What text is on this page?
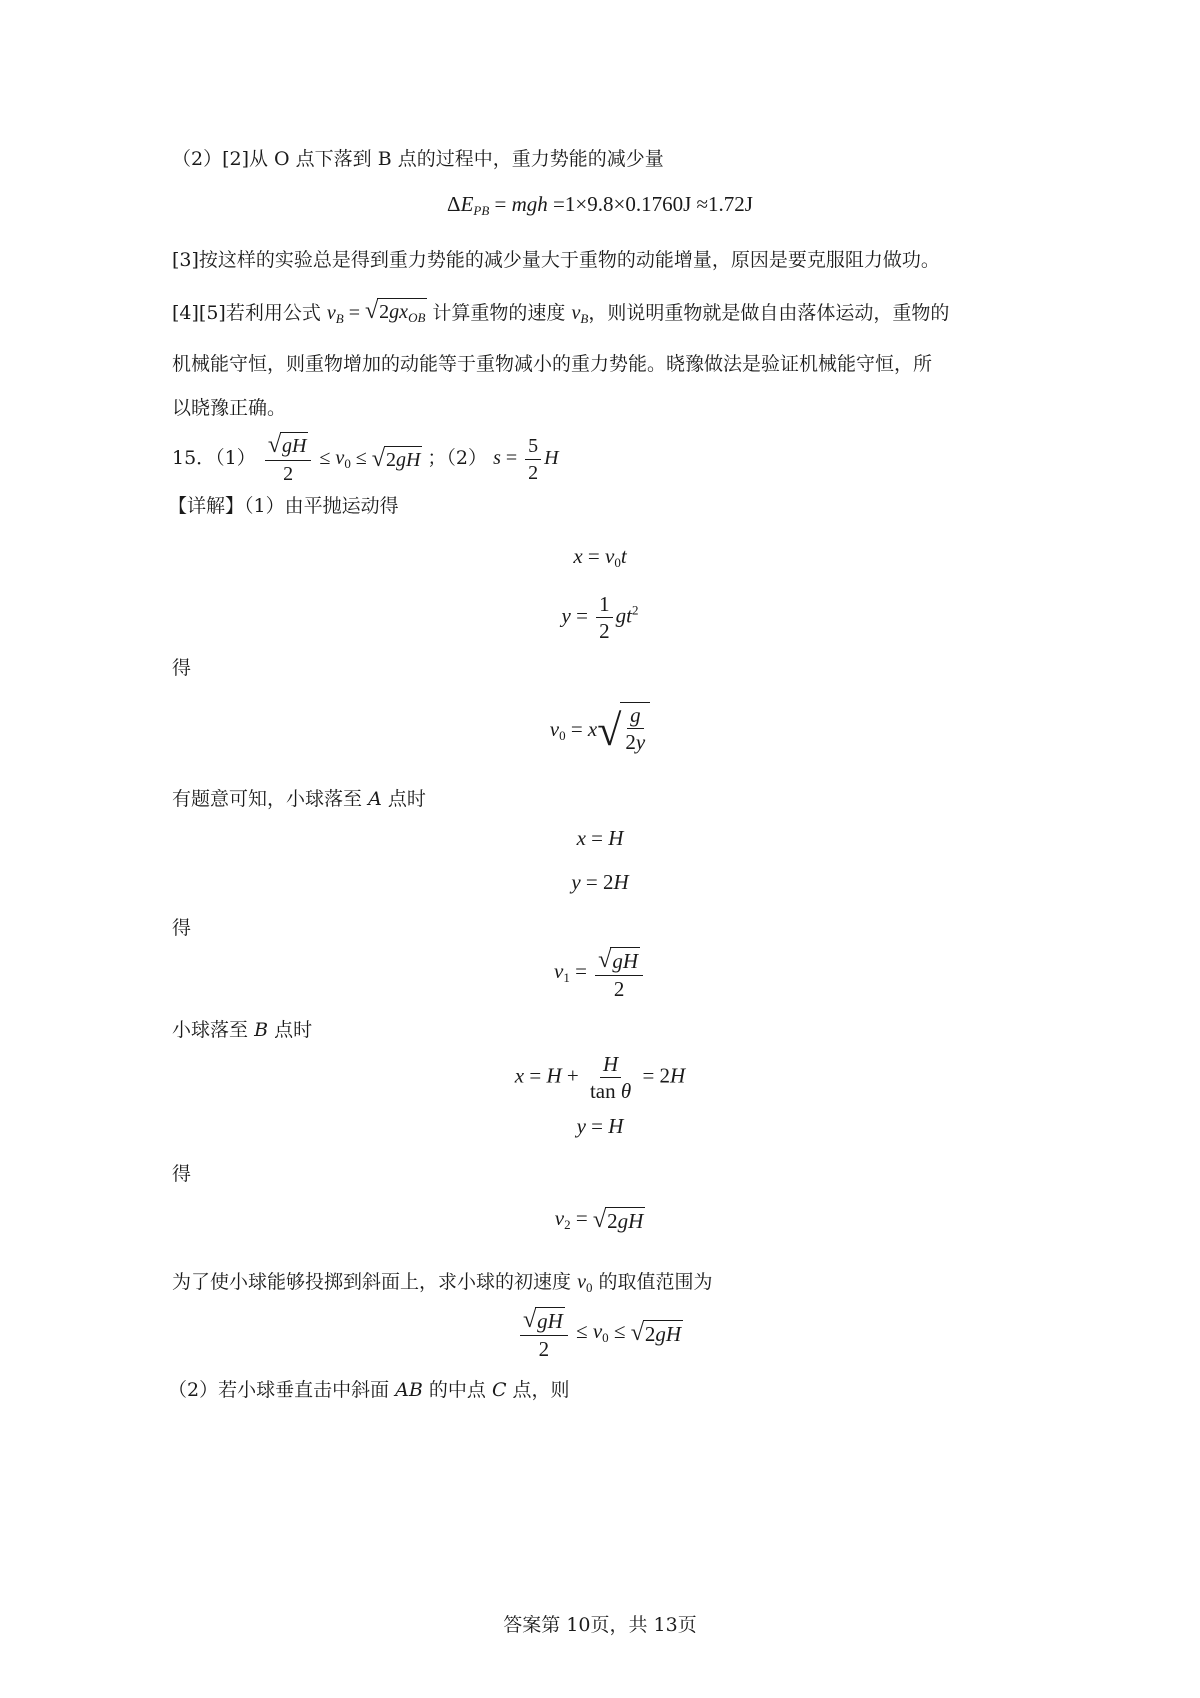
（2）[2]从 O 点下落到 B 点的过程中，重力势能的减少量
$\Delta E_{PB}$ = mgh =1×9.8×0.1760J ≈1.72J
[3]按这样的实验总是得到重力势能的减少量大于重物的动能增量，原因是要克服阻力做功。
[4][5]若利用公式 $v_B$ = √ $2gx_{OB}$ 计算重物的速度 $v_B$，则说明重物就是做自由落体运动，重物的
机械能守恒，则重物增加的动能等于重物减小的重力势能。晓豫做法是验证机械能守恒，所
以晓豫正确。
15．$(1) \frac{√ gH}{2} \le v_0$ ≤ √ 2gH ；（2） $s = \frac{5}{2}$ H
【详解】（1）由平抛运动得
$x = v_0t$
$y = \frac{1}{2} gt^2$
得
$v_0 = x$ √ $\frac{g}{2y}$
有题意可知，小球落至 A 点时
x = H
y = 2H
得
$v_1 = \frac{√ gH}{2}$
小球落至 B 点时
$x = H + \frac{H}{\text{tan θ}} = 2H$
y = H
得
$v_2$ = √ 2gH
为了使小球能够投掷到斜面上，求小球的初速度 $v_0$ 的取值范围为
$\frac{√ gH}{2} \le v_0$ ≤ √ 2gH
（2）若小球垂直击中斜面 AB 的中点 C 点，则
答案第 10页，共 13页
